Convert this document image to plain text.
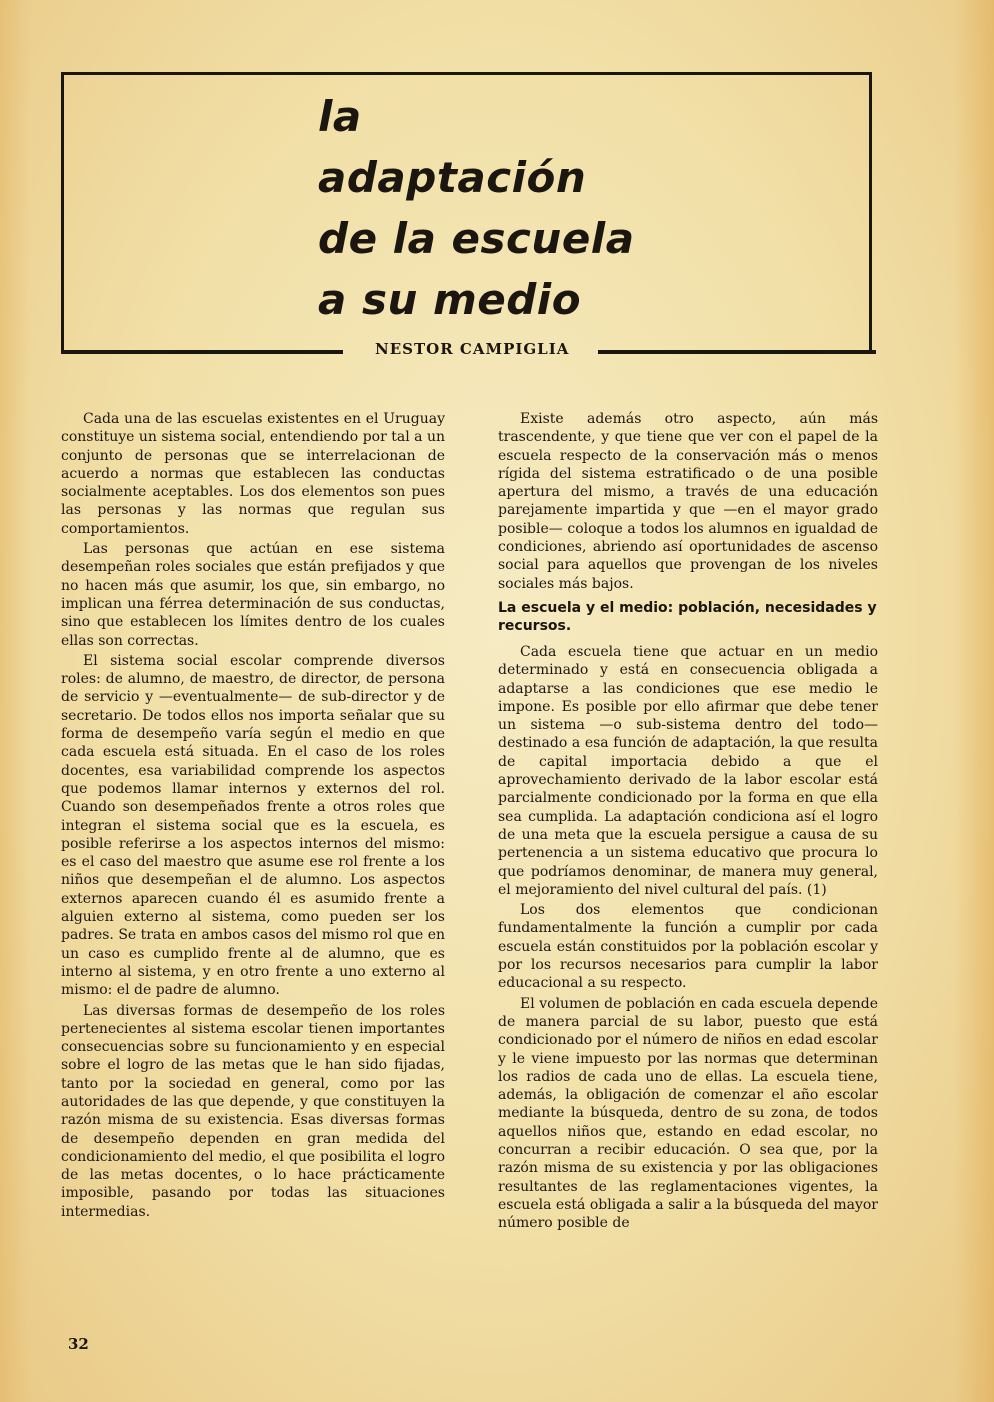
la
adaptación
de la escuela
a su medio

NESTOR CAMPIGLIA

Cada una de las escuelas existentes en el Uruguay constituye un sistema social, entendiendo por tal a un conjunto de personas que se interrelacionan de acuerdo a normas que establecen las conductas socialmente aceptables. Los dos elementos son pues las personas y las normas que regulan sus comportamientos.

Las personas que actúan en ese sistema desempeñan roles sociales que están prefijados y que no hacen más que asumir, los que, sin embargo, no implican una férrea determinación de sus conductas, sino que establecen los límites dentro de los cuales ellas son correctas.

El sistema social escolar comprende diversos roles: de alumno, de maestro, de director, de persona de servicio y —eventualmente— de sub-director y de secretario. De todos ellos nos importa señalar que su forma de desempeño varía según el medio en que cada escuela está situada. En el caso de los roles docentes, esa variabilidad comprende los aspectos que podemos llamar internos y externos del rol. Cuando son desempeñados frente a otros roles que integran el sistema social que es la escuela, es posible referirse a los aspectos internos del mismo: es el caso del maestro que asume ese rol frente a los niños que desempeñan el de alumno. Los aspectos externos aparecen cuando él es asumido frente a alguien externo al sistema, como pueden ser los padres. Se trata en ambos casos del mismo rol que en un caso es cumplido frente al de alumno, que es interno al sistema, y en otro frente a uno externo al mismo: el de padre de alumno.

Las diversas formas de desempeño de los roles pertenecientes al sistema escolar tienen importantes consecuencias sobre su funcionamiento y en especial sobre el logro de las metas que le han sido fijadas, tanto por la sociedad en general, como por las autoridades de las que depende, y que constituyen la razón misma de su existencia. Esas diversas formas de desempeño dependen en gran medida del condicionamiento del medio, el que posibilita el logro de las metas docentes, o lo hace prácticamente imposible, pasando por todas las situaciones intermedias.

Existe además otro aspecto, aún más trascendente, y que tiene que ver con el papel de la escuela respecto de la conservación más o menos rígida del sistema estratificado o de una posible apertura del mismo, a través de una educación parejamente impartida y que —en el mayor grado posible— coloque a todos los alumnos en igualdad de condiciones, abriendo así oportunidades de ascenso social para aquellos que provengan de los niveles sociales más bajos.

La escuela y el medio: población, necesidades y recursos.

Cada escuela tiene que actuar en un medio determinado y está en consecuencia obligada a adaptarse a las condiciones que ese medio le impone. Es posible por ello afirmar que debe tener un sistema —o sub-sistema dentro del todo— destinado a esa función de adaptación, la que resulta de capital importacia debido a que el aprovechamiento derivado de la labor escolar está parcialmente condicionado por la forma en que ella sea cumplida. La adaptación condiciona así el logro de una meta que la escuela persigue a causa de su pertenencia a un sistema educativo que procura lo que podríamos denominar, de manera muy general, el mejoramiento del nivel cultural del país. (1)

Los dos elementos que condicionan fundamentalmente la función a cumplir por cada escuela están constituidos por la población escolar y por los recursos necesarios para cumplir la labor educacional a su respecto.

El volumen de población en cada escuela depende de manera parcial de su labor, puesto que está condicionado por el número de niños en edad escolar y le viene impuesto por las normas que determinan los radios de cada uno de ellas. La escuela tiene, además, la obligación de comenzar el año escolar mediante la búsqueda, dentro de su zona, de todos aquellos niños que, estando en edad escolar, no concurran a recibir educación. O sea que, por la razón misma de su existencia y por las obligaciones resultantes de las reglamentaciones vigentes, la escuela está obligada a salir a la búsqueda del mayor número posible de

32
